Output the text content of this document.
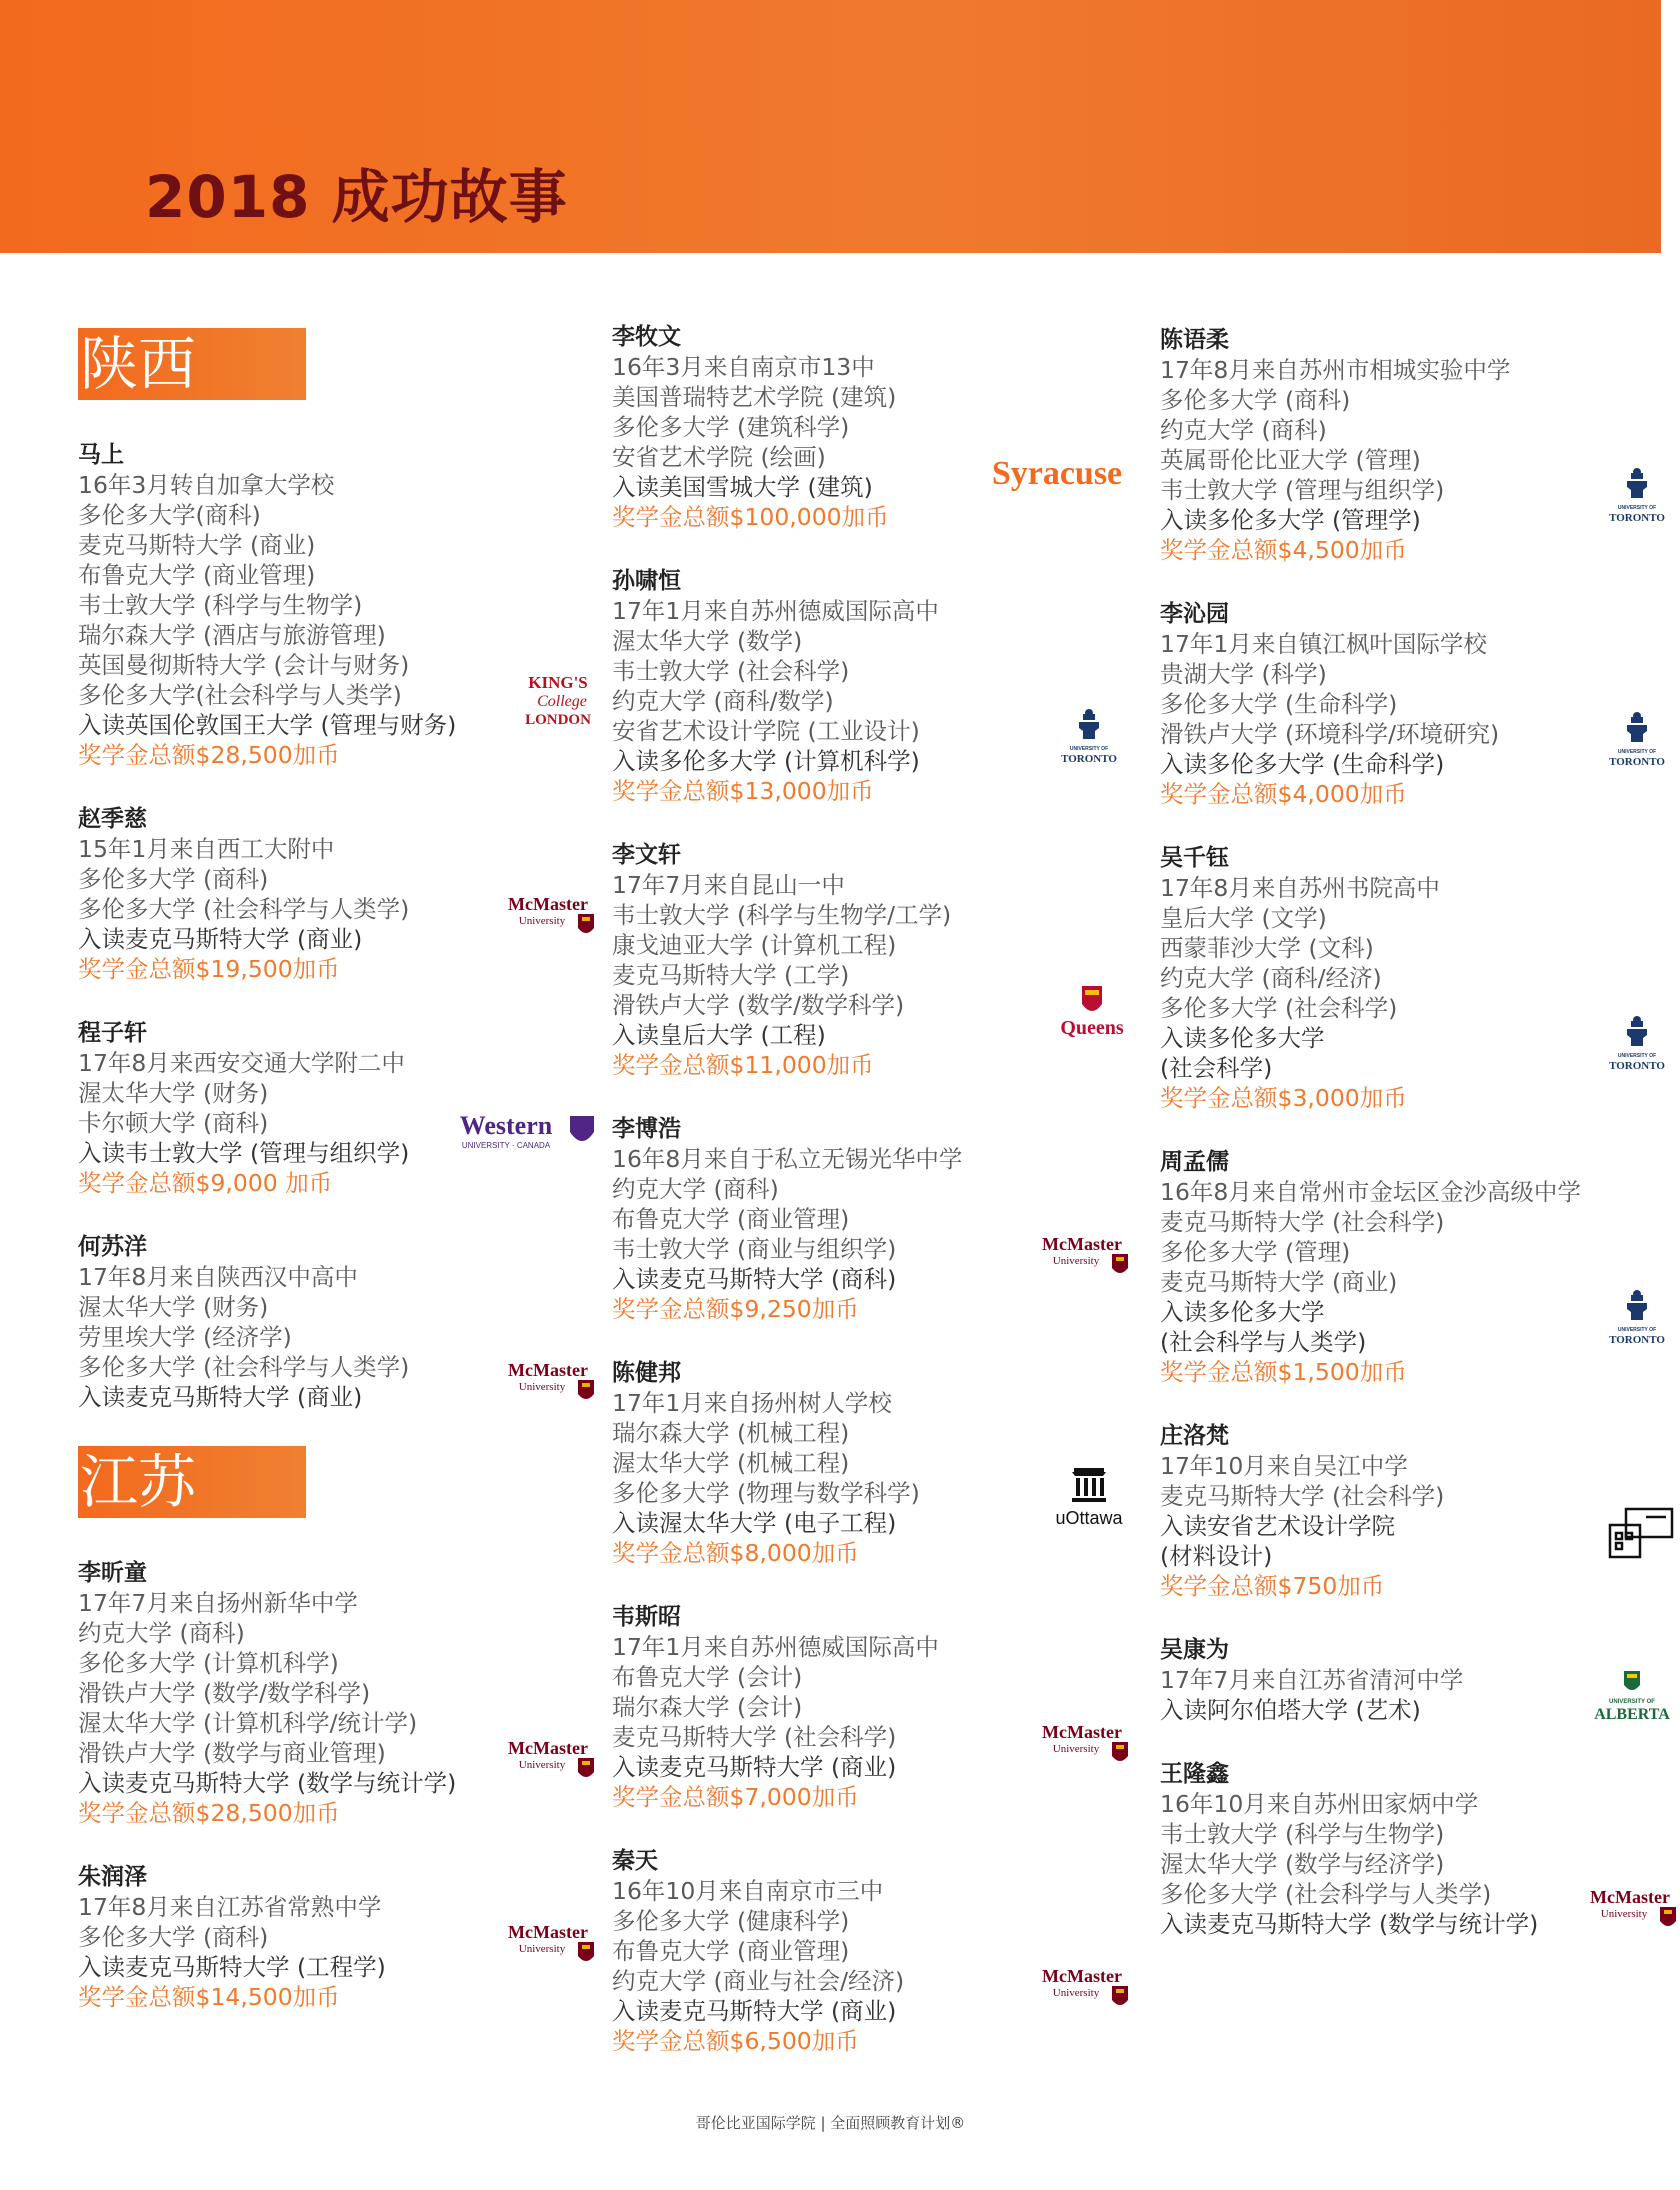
2018 成功故事
陕西
马上
16年3月转自加拿大学校
多伦多大学(商科)
麦克马斯特大学 (商业)
布鲁克大学 (商业管理)
韦士敦大学 (科学与生物学)
瑞尔森大学 (酒店与旅游管理)
英国曼彻斯特大学 (会计与财务)
多伦多大学(社会科学与人类学)
入读英国伦敦国王大学 (管理与财务)
奖学金总额$28,500加币
KING'S
College
LONDON
赵季慈
15年1月来自西工大附中
多伦多大学 (商科)
多伦多大学 (社会科学与人类学)
入读麦克马斯特大学 (商业)
奖学金总额$19,500加币
McMaster
University
程子轩
17年8月来西安交通大学附二中
渥太华大学 (财务)
卡尔顿大学 (商科)
入读韦士敦大学 (管理与组织学)
奖学金总额$9,000 加币
Western
UNIVERSITY · CANADA
何苏洋
17年8月来自陕西汉中高中
渥太华大学 (财务)
劳里埃大学 (经济学)
多伦多大学 (社会科学与人类学)
入读麦克马斯特大学 (商业)
McMaster
University
江苏
李昕童
17年7月来自扬州新华中学
约克大学 (商科)
多伦多大学 (计算机科学)
滑铁卢大学 (数学/数学科学)
渥太华大学 (计算机科学/统计学)
滑铁卢大学 (数学与商业管理)
入读麦克马斯特大学 (数学与统计学)
奖学金总额$28,500加币
McMaster
University
朱润泽
17年8月来自江苏省常熟中学
多伦多大学 (商科)
入读麦克马斯特大学 (工程学)
奖学金总额$14,500加币
McMaster
University
李牧文
16年3月来自南京市13中
美国普瑞特艺术学院 (建筑)
多伦多大学 (建筑科学)
安省艺术学院 (绘画)
入读美国雪城大学 (建筑)
奖学金总额$100,000加币
Syracuse
孙啸恒
17年1月来自苏州德威国际高中
渥太华大学 (数学)
韦士敦大学 (社会科学)
约克大学 (商科/数学)
安省艺术设计学院 (工业设计)
入读多伦多大学 (计算机科学)
奖学金总额$13,000加币
UNIVERSITY OF
TORONTO
李文轩
17年7月来自昆山一中
韦士敦大学 (科学与生物学/工学)
康戈迪亚大学 (计算机工程)
麦克马斯特大学 (工学)
滑铁卢大学 (数学/数学科学)
入读皇后大学 (工程)
奖学金总额$11,000加币
Queens
李博浩
16年8月来自于私立无锡光华中学
约克大学 (商科)
布鲁克大学 (商业管理)
韦士敦大学 (商业与组织学)
入读麦克马斯特大学 (商科)
奖学金总额$9,250加币
McMaster
University
陈健邦
17年1月来自扬州树人学校
瑞尔森大学 (机械工程)
渥太华大学 (机械工程)
多伦多大学 (物理与数学科学)
入读渥太华大学 (电子工程)
奖学金总额$8,000加币
uOttawa
韦斯昭
17年1月来自苏州德威国际高中
布鲁克大学 (会计)
瑞尔森大学 (会计)
麦克马斯特大学 (社会科学)
入读麦克马斯特大学 (商业)
奖学金总额$7,000加币
McMaster
University
秦天
16年10月来自南京市三中
多伦多大学 (健康科学)
布鲁克大学 (商业管理)
约克大学 (商业与社会/经济)
入读麦克马斯特大学 (商业)
奖学金总额$6,500加币
McMaster
University
陈语柔
17年8月来自苏州市相城实验中学
多伦多大学 (商科)
约克大学 (商科)
英属哥伦比亚大学 (管理)
韦士敦大学 (管理与组织学)
入读多伦多大学 (管理学)
奖学金总额$4,500加币
UNIVERSITY OF
TORONTO
李沁园
17年1月来自镇江枫叶国际学校
贵湖大学 (科学)
多伦多大学 (生命科学)
滑铁卢大学 (环境科学/环境研究)
入读多伦多大学 (生命科学)
奖学金总额$4,000加币
UNIVERSITY OF
TORONTO
吴千钰
17年8月来自苏州书院高中
皇后大学 (文学)
西蒙菲沙大学 (文科)
约克大学 (商科/经济)
多伦多大学 (社会科学)
入读多伦多大学
(社会科学)
奖学金总额$3,000加币
UNIVERSITY OF
TORONTO
周孟儒
16年8月来自常州市金坛区金沙高级中学
麦克马斯特大学 (社会科学)
多伦多大学 (管理)
麦克马斯特大学 (商业)
入读多伦多大学
(社会科学与人类学)
奖学金总额$1,500加币
UNIVERSITY OF
TORONTO
庄洛梵
17年10月来自吴江中学
麦克马斯特大学 (社会科学)
入读安省艺术设计学院
(材料设计)
奖学金总额$750加币
吴康为
17年7月来自江苏省清河中学
入读阿尔伯塔大学 (艺术)	UNIVERSITY OF
ALBERTA
王隆鑫
16年10月来自苏州田家炳中学
韦士敦大学 (科学与生物学)
渥太华大学 (数学与经济学)
多伦多大学 (社会科学与人类学)
入读麦克马斯特大学 (数学与统计学)
McMaster
University
哥伦比亚国际学院 | 全面照顾教育计划®
